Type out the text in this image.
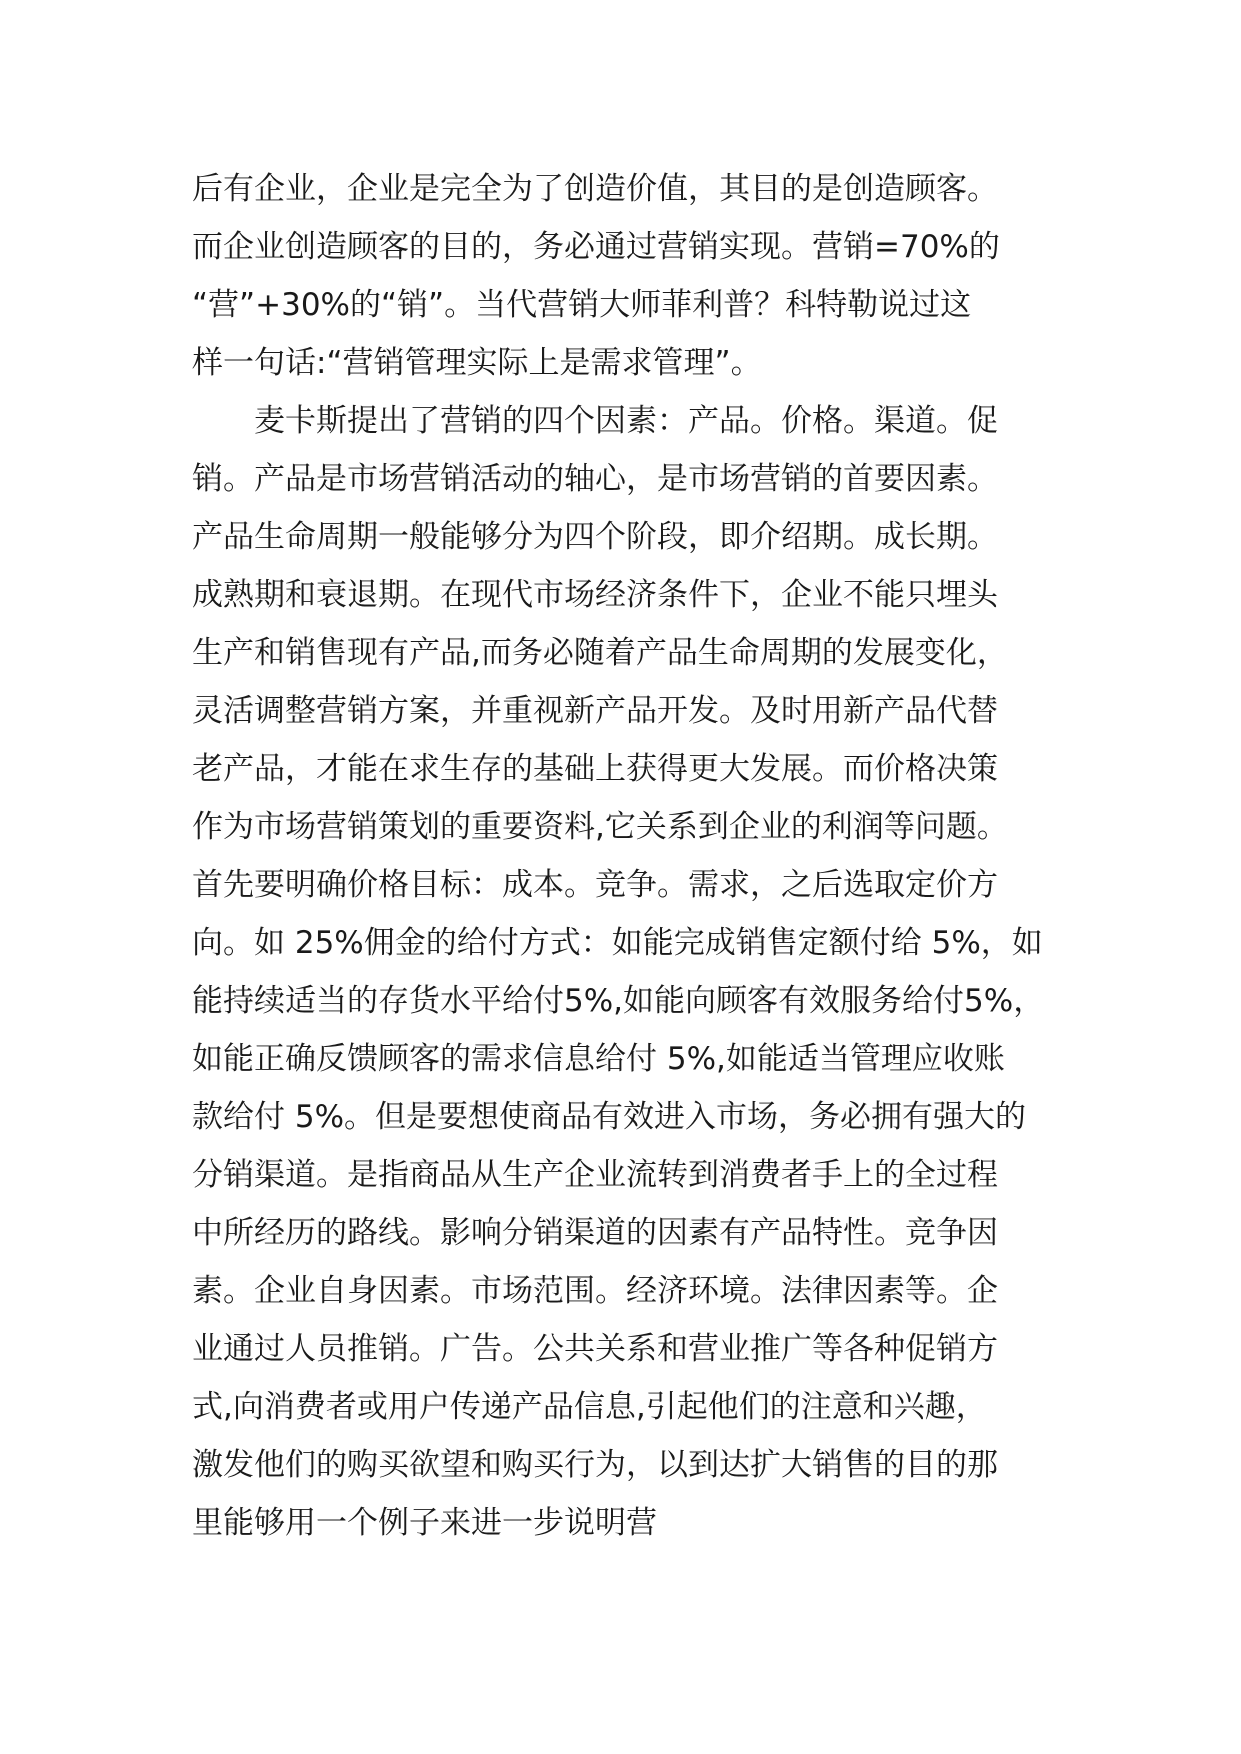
后有企业，企业是完全为了创造价值，其目的是创造顾客。
而企业创造顾客的目的，务必通过营销实现。营销=70%的
“营”+30%的“销”。当代营销大师菲利普？科特勒说过这
样一句话:“营销管理实际上是需求管理”。
　　麦卡斯提出了营销的四个因素：产品。价格。渠道。促
销。产品是市场营销活动的轴心，是市场营销的首要因素。
产品生命周期一般能够分为四个阶段，即介绍期。成长期。
成熟期和衰退期。在现代市场经济条件下，企业不能只埋头
生产和销售现有产品,而务必随着产品生命周期的发展变化，
灵活调整营销方案，并重视新产品开发。及时用新产品代替
老产品，才能在求生存的基础上获得更大发展。而价格决策
作为市场营销策划的重要资料,它关系到企业的利润等问题。
首先要明确价格目标：成本。竞争。需求，之后选取定价方
向。如 25%佣金的给付方式：如能完成销售定额付给 5%，如
能持续适当的存货水平给付5%,如能向顾客有效服务给付5%，
如能正确反馈顾客的需求信息给付 5%,如能适当管理应收账
款给付 5%。但是要想使商品有效进入市场，务必拥有强大的
分销渠道。是指商品从生产企业流转到消费者手上的全过程
中所经历的路线。影响分销渠道的因素有产品特性。竞争因
素。企业自身因素。市场范围。经济环境。法律因素等。企
业通过人员推销。广告。公共关系和营业推广等各种促销方
式,向消费者或用户传递产品信息,引起他们的注意和兴趣，
激发他们的购买欲望和购买行为，以到达扩大销售的目的那
里能够用一个例子来进一步说明营
